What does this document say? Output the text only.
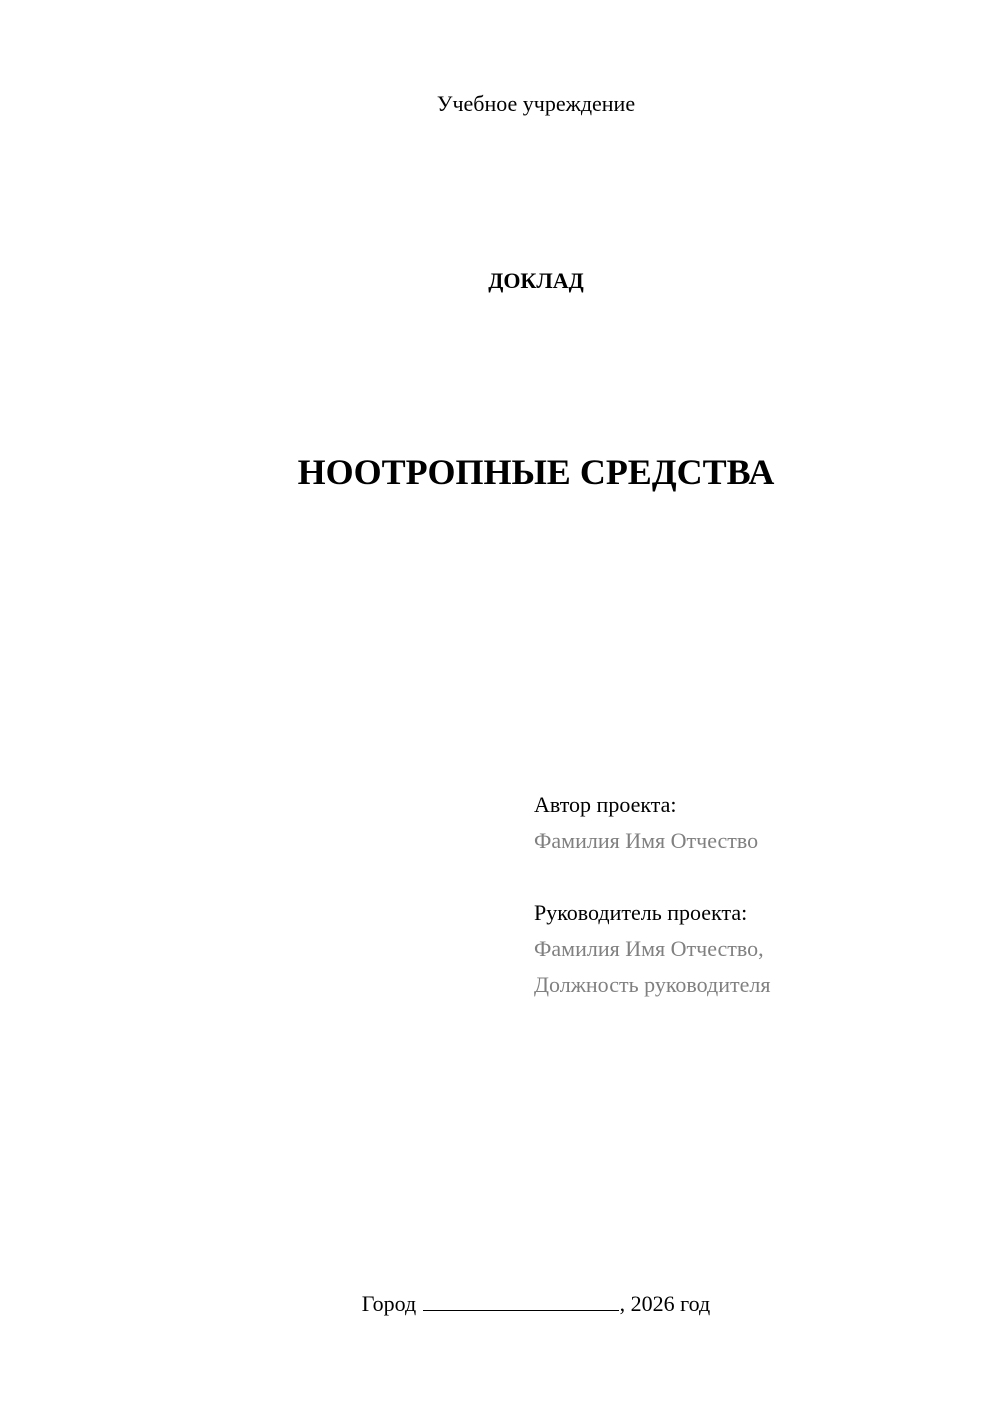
Учебное учреждение
ДОКЛАД
НООТРОПНЫЕ СРЕДСТВА
Автор проекта:
Фамилия Имя Отчество
Руководитель проекта:
Фамилия Имя Отчество,
Должность руководителя
Город	, 2026 год
